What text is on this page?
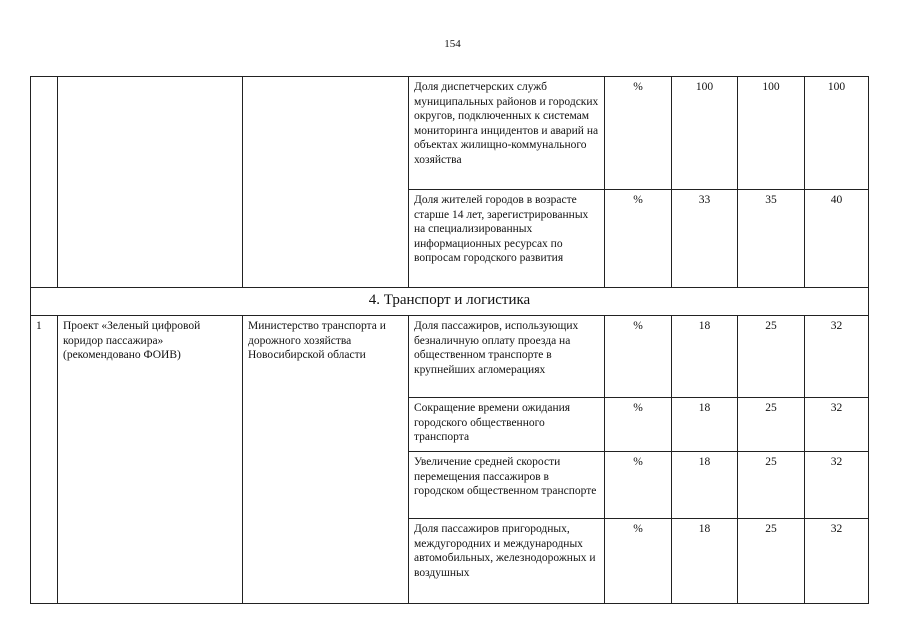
154
			Доля диспетчерских служб муниципальных районов и городских округов, подключенных к системам мониторинга инцидентов и аварий на объектах жилищно-коммунального хозяйства	%	100	100	100
			Доля жителей городов в возрасте старше 14 лет, зарегистрированных на специализированных информационных ресурсах по вопросам городского развития	%	33	35	40
4. Транспорт и логистика							
1	Проект «Зеленый цифровой коридор пассажира» (рекомендовано ФОИВ)	Министерство транспорта и дорожного хозяйства Новосибирской области	Доля пассажиров, использующих безналичную оплату проезда на общественном транспорте в крупнейших агломерациях	%	18	25	32
			Сокращение времени ожидания городского общественного транспорта	%	18	25	32
			Увеличение средней скорости перемещения пассажиров в городском общественном транспорте	%	18	25	32
			Доля пассажиров пригородных, междугородних и международных автомобильных, железнодорожных и воздушных	%	18	25	32
